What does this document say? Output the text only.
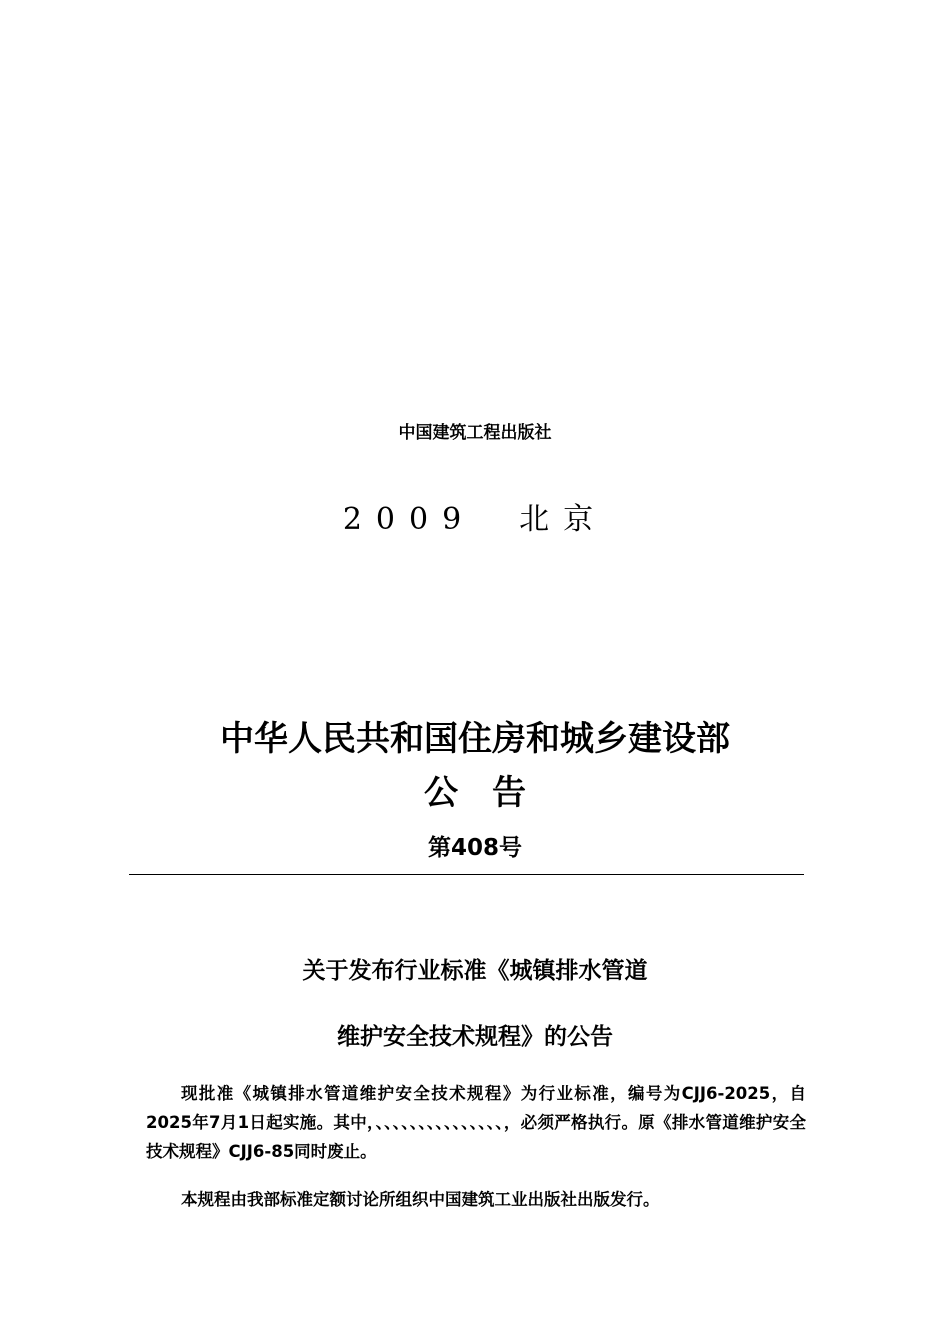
中国建筑工程出版社
2009　北京
中华人民共和国住房和城乡建设部
公　告
第408号
关于发布行业标准《城镇排水管道
维护安全技术规程》的公告
现批准《城镇排水管道维护安全技术规程》为行业标准，编号为CJJ6-2025，自2025年7月1日起实施。其中，、、、、、、、、、、、、、、、，必须严格执行。原《排水管道维护安全技术规程》CJJ6-85同时废止。
本规程由我部标准定额讨论所组织中国建筑工业出版社出版发行。
